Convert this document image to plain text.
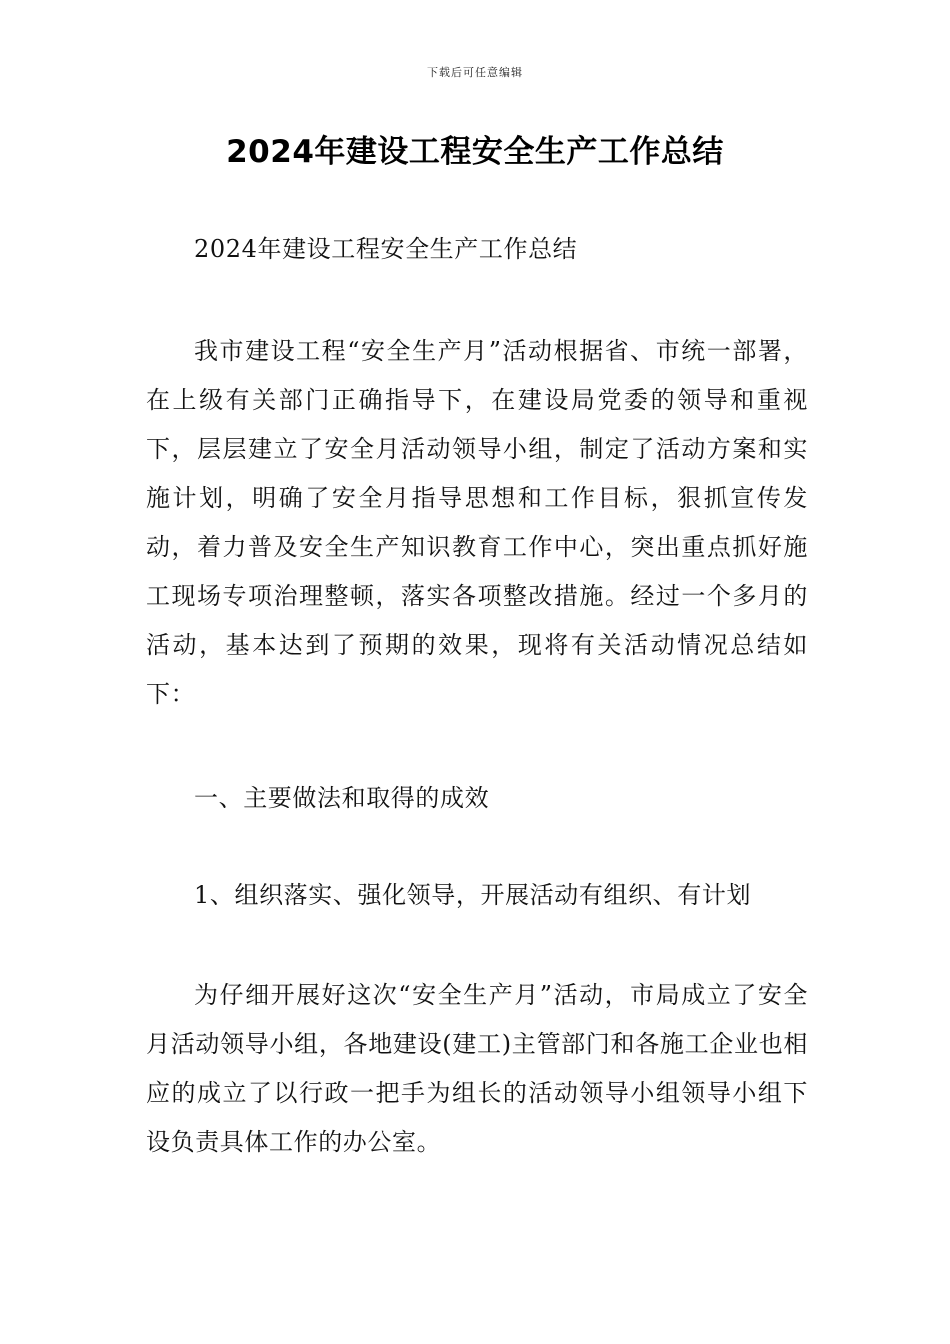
下载后可任意编辑
2024年建设工程安全生产工作总结

2024年建设工程安全生产工作总结

我市建设工程“安全生产月”活动根据省、市统一部署，在上级有关部门正确指导下，在建设局党委的领导和重视下，层层建立了安全月活动领导小组，制定了活动方案和实施计划，明确了安全月指导思想和工作目标，狠抓宣传发动，着力普及安全生产知识教育工作中心，突出重点抓好施工现场专项治理整顿，落实各项整改措施。经过一个多月的活动，基本达到了预期的效果，现将有关活动情况总结如下：

一、主要做法和取得的成效

1、组织落实、强化领导，开展活动有组织、有计划

为仔细开展好这次“安全生产月”活动，市局成立了安全月活动领导小组，各地建设(建工)主管部门和各施工企业也相应的成立了以行政一把手为组长的活动领导小组领导小组下设负责具体工作的办公室。
